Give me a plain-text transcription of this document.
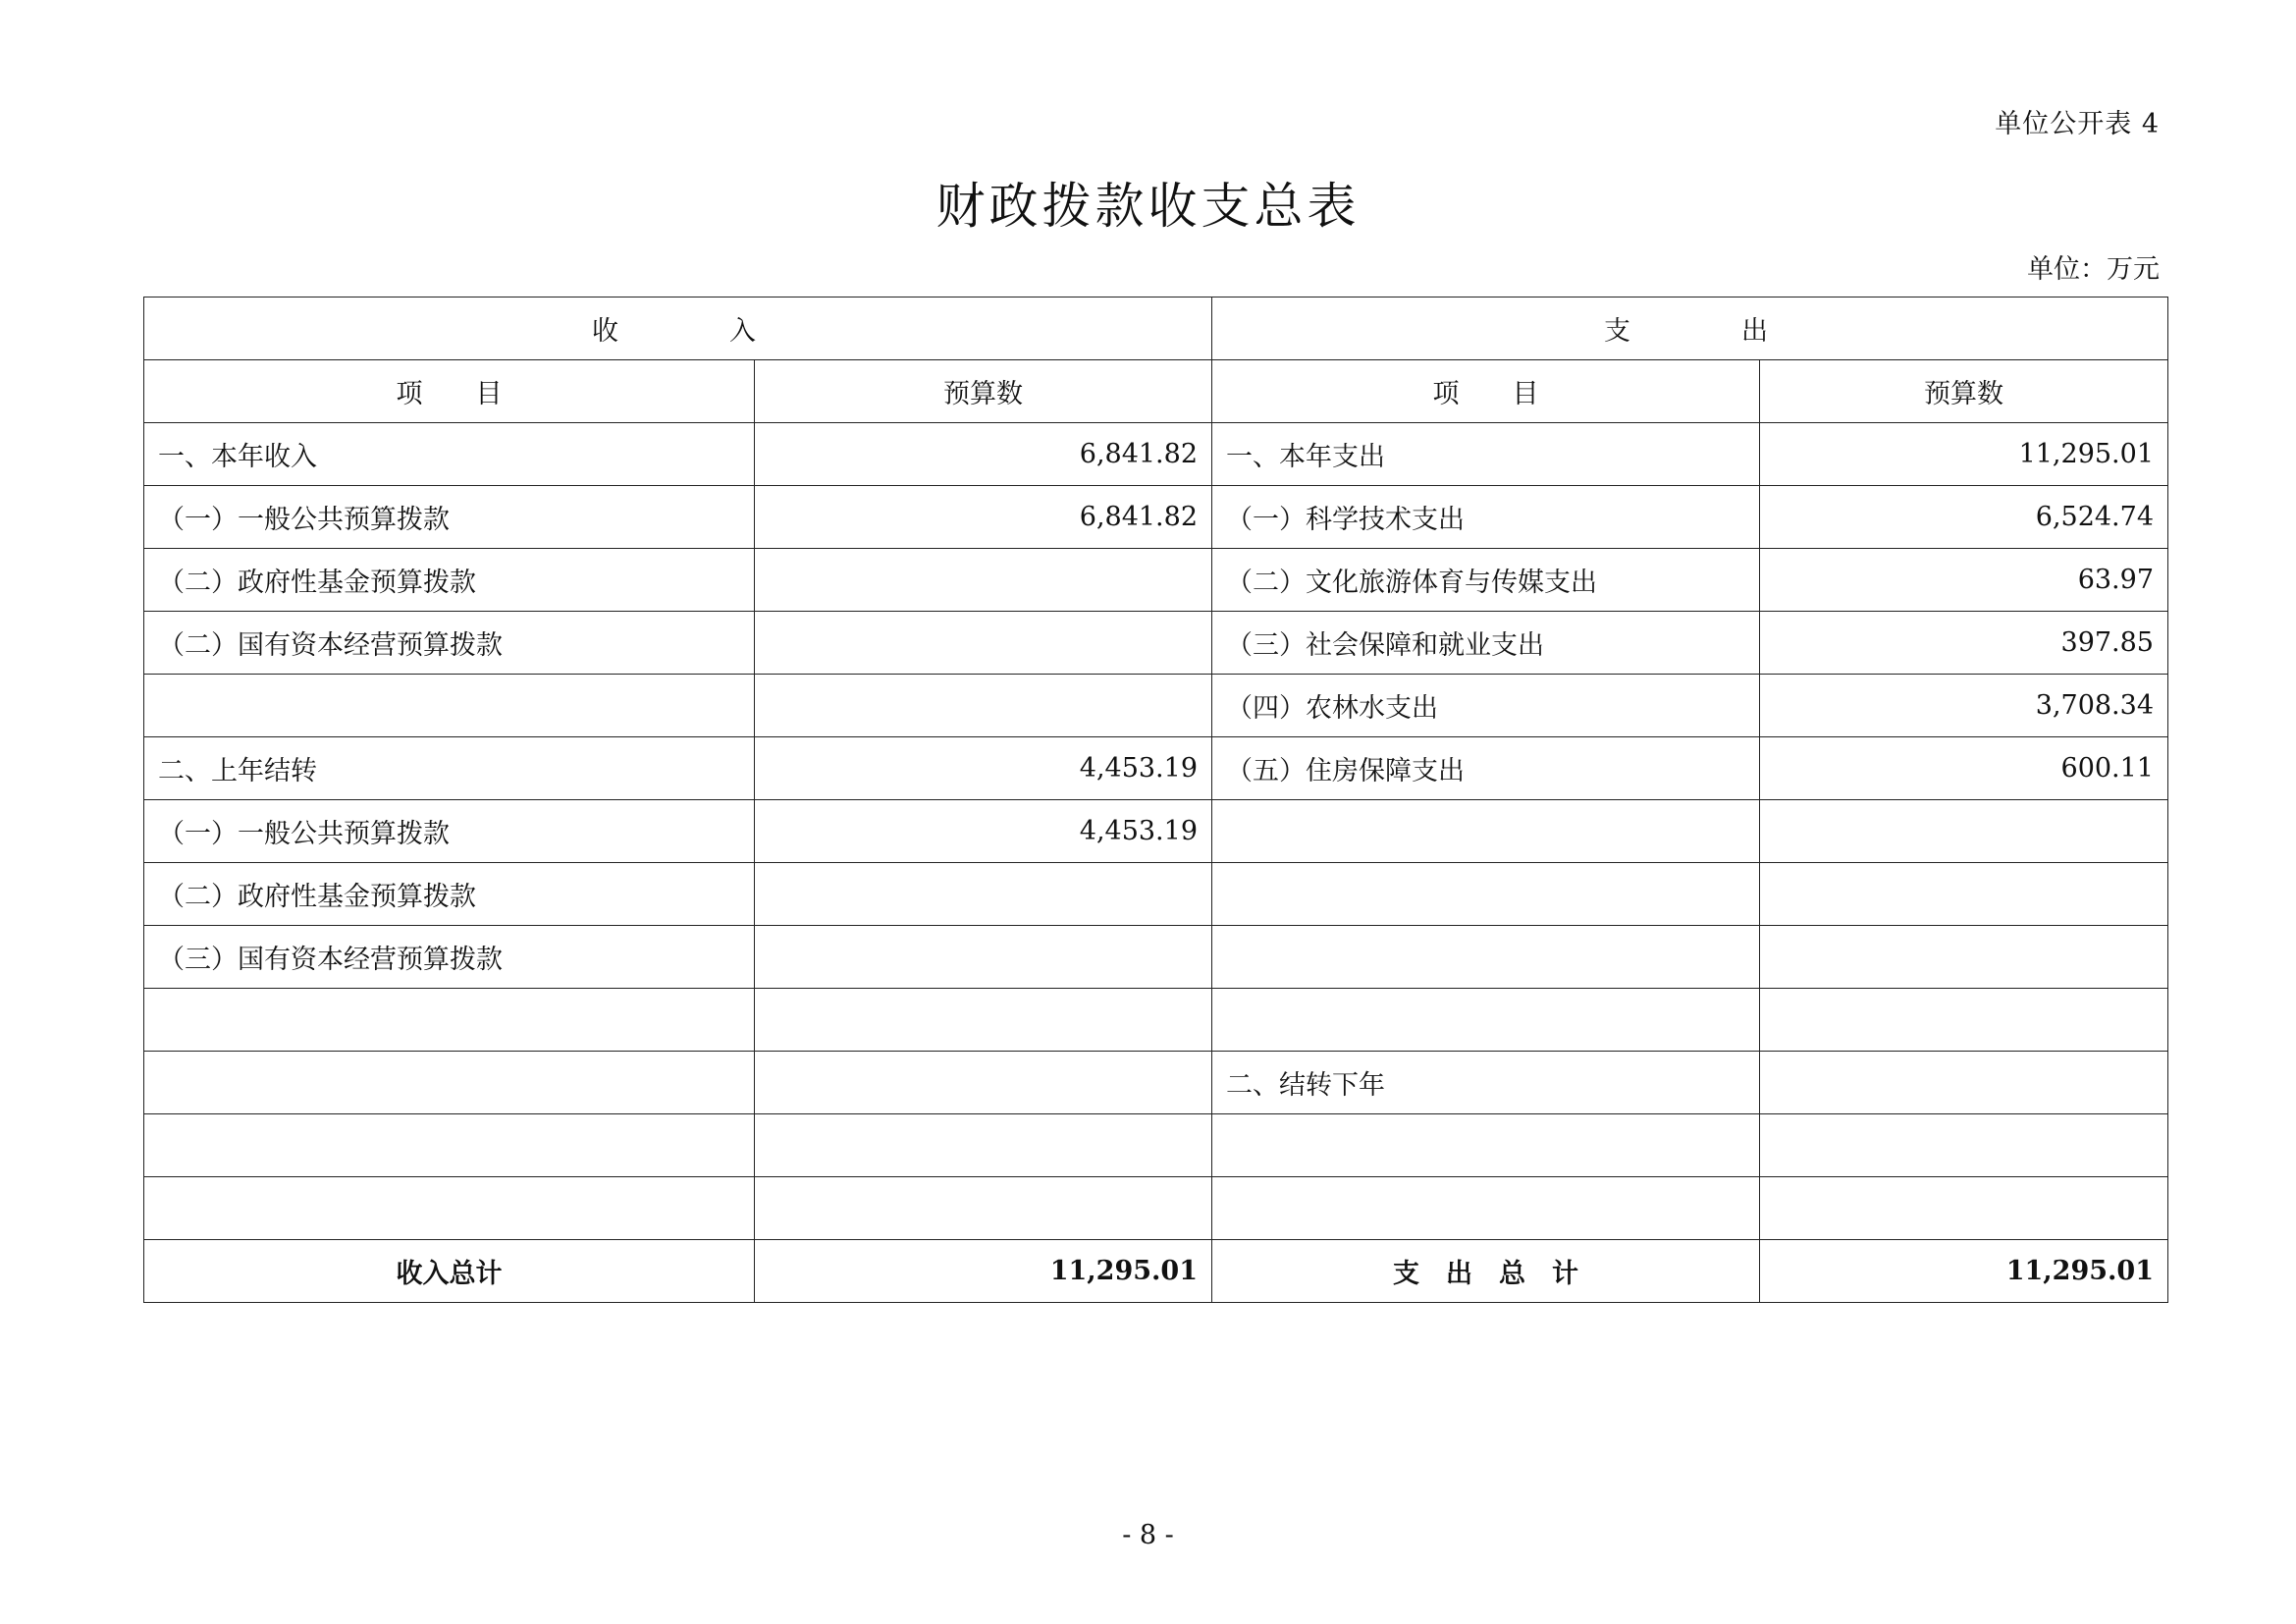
单位公开表 4
财政拨款收支总表
单位：万元
收　　　入		支　　　出	
项　　目	预算数	项　　目	预算数
一、本年收入	6,841.82	一、本年支出	11,295.01
（一）一般公共预算拨款	6,841.82	（一）科学技术支出	6,524.74
（二）政府性基金预算拨款		（二）文化旅游体育与传媒支出	63.97
（二）国有资本经营预算拨款		（三）社会保障和就业支出	397.85
		（四）农林水支出	3,708.34
二、上年结转	4,453.19	（五）住房保障支出	600.11
（一）一般公共预算拨款	4,453.19		
（二）政府性基金预算拨款			
（三）国有资本经营预算拨款			

		二、结转下年	

收入总计	11,295.01	支　出　总　计	11,295.01
- 8 -
